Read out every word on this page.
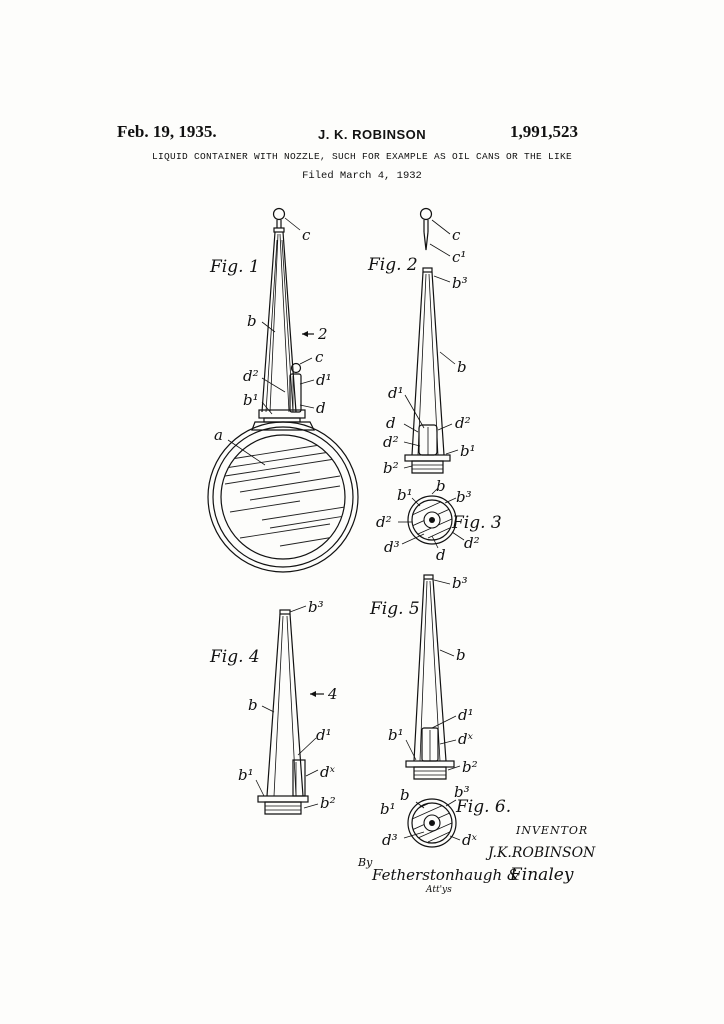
Feb. 19, 1935.	J. K. ROBINSON	1,991,523
LIQUID CONTAINER WITH NOZZLE, SUCH FOR EXAMPLE AS OIL CANS OR THE LIKE
Filed March 4, 1932
Fig. 1
c
b
2
c
d²	d¹
b¹	d
a
Fig. 2
c
c¹
b³
b
d¹
d
d²
d²
b¹
b²
Fig. 3
b
b¹	b³
d²
d²
d³ d
Fig. 4
b³
b
4
d¹
b¹	dˣ
b²
Fig. 5
b³
b
d¹
b¹	dˣ
b²
Fig. 6.
b
b¹
b³
d³	dˣ
INVENTOR
J.K.ROBINSON
By
Fetherstonhaugh &
Finaley
Att'ys
